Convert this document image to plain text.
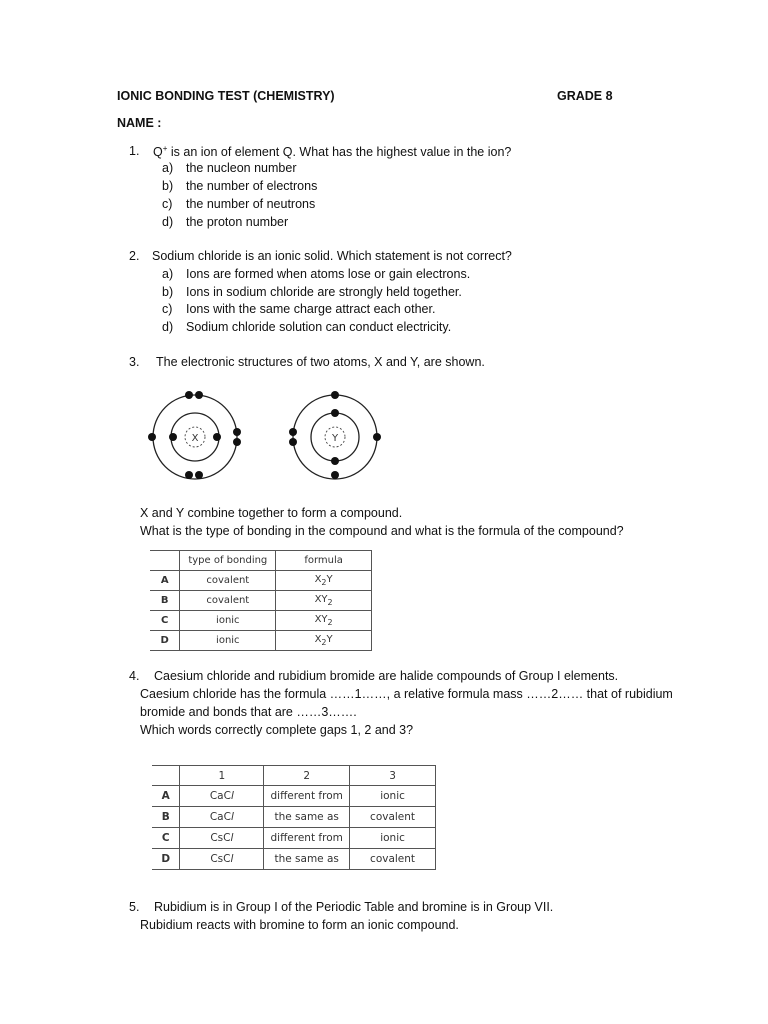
IONIC BONDING TEST (CHEMISTRY)	GRADE 8
NAME :
1. Q+ is an ion of element Q. What has the highest value in the ion?
a) the nucleon number
b) the number of electrons
c) the number of neutrons
d) the proton number
2. Sodium chloride is an ionic solid. Which statement is not correct?
a) Ions are formed when atoms lose or gain electrons.
b) Ions in sodium chloride are strongly held together.
c) Ions with the same charge attract each other.
d) Sodium chloride solution can conduct electricity.
3. The electronic structures of two atoms, X and Y, are shown.
X	Y
X and Y combine together to form a compound.
What is the type of bonding in the compound and what is the formula of the compound?
	type of bonding	formula
A	covalent	$X_2Y$
B	covalent	$XY_2$
C	ionic	$XY_2$
D	ionic	$X_2Y$
4. Caesium chloride and rubidium bromide are halide compounds of Group I elements.
Caesium chloride has the formula ……1……, a relative formula mass ……2…… that of rubidium
bromide and bonds that are ……3…….
Which words correctly complete gaps 1, 2 and 3?
	1	2	3
A	CaCl	different from	ionic
B	CaCl	the same as	covalent
C	CsCl	different from	ionic
D	CsCl	the same as	covalent
5. Rubidium is in Group I of the Periodic Table and bromine is in Group VII.
Rubidium reacts with bromine to form an ionic compound.
